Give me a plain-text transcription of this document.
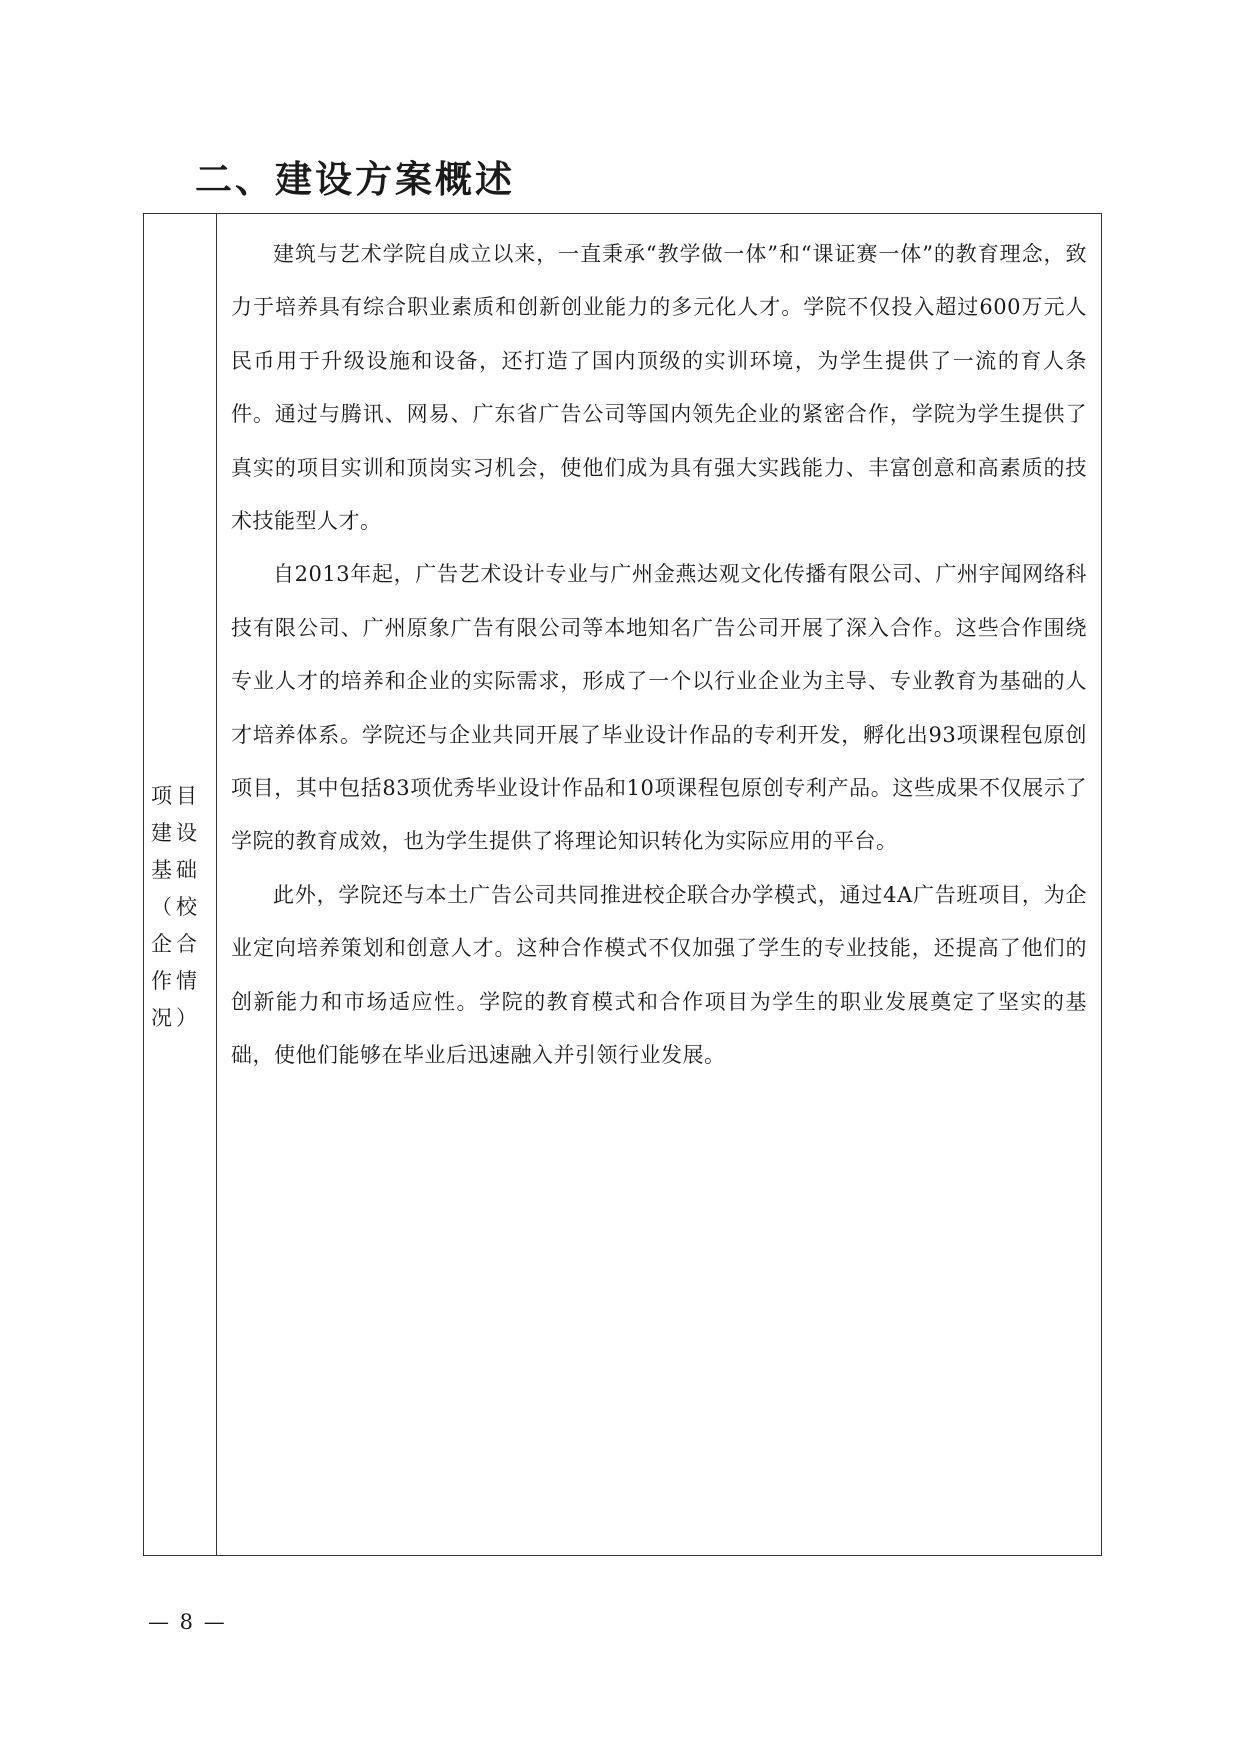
二、建设方案概述
项目建设基础（校企合作情况）

建筑与艺术学院自成立以来，一直秉承“教学做一体”和“课证赛一体”的教育理念，致力于培养具有综合职业素质和创新创业能力的多元化人才。学院不仅投入超过600万元人民币用于升级设施和设备，还打造了国内顶级的实训环境，为学生提供了一流的育人条件。通过与腾讯、网易、广东省广告公司等国内领先企业的紧密合作，学院为学生提供了真实的项目实训和顶岗实习机会，使他们成为具有强大实践能力、丰富创意和高素质的技术技能型人才。

自2013年起，广告艺术设计专业与广州金燕达观文化传播有限公司、广州宇闻网络科技有限公司、广州原象广告有限公司等本地知名广告公司开展了深入合作。这些合作围绕专业人才的培养和企业的实际需求，形成了一个以行业企业为主导、专业教育为基础的人才培养体系。学院还与企业共同开展了毕业设计作品的专利开发，孵化出93项课程包原创项目，其中包括83项优秀毕业设计作品和10项课程包原创专利产品。这些成果不仅展示了学院的教育成效，也为学生提供了将理论知识转化为实际应用的平台。

此外，学院还与本土广告公司共同推进校企联合办学模式，通过4A广告班项目，为企业定向培养策划和创意人才。这种合作模式不仅加强了学生的专业技能，还提高了他们的创新能力和市场适应性。学院的教育模式和合作项目为学生的职业发展奠定了坚实的基础，使他们能够在毕业后迅速融入并引领行业发展。

— 8 —
